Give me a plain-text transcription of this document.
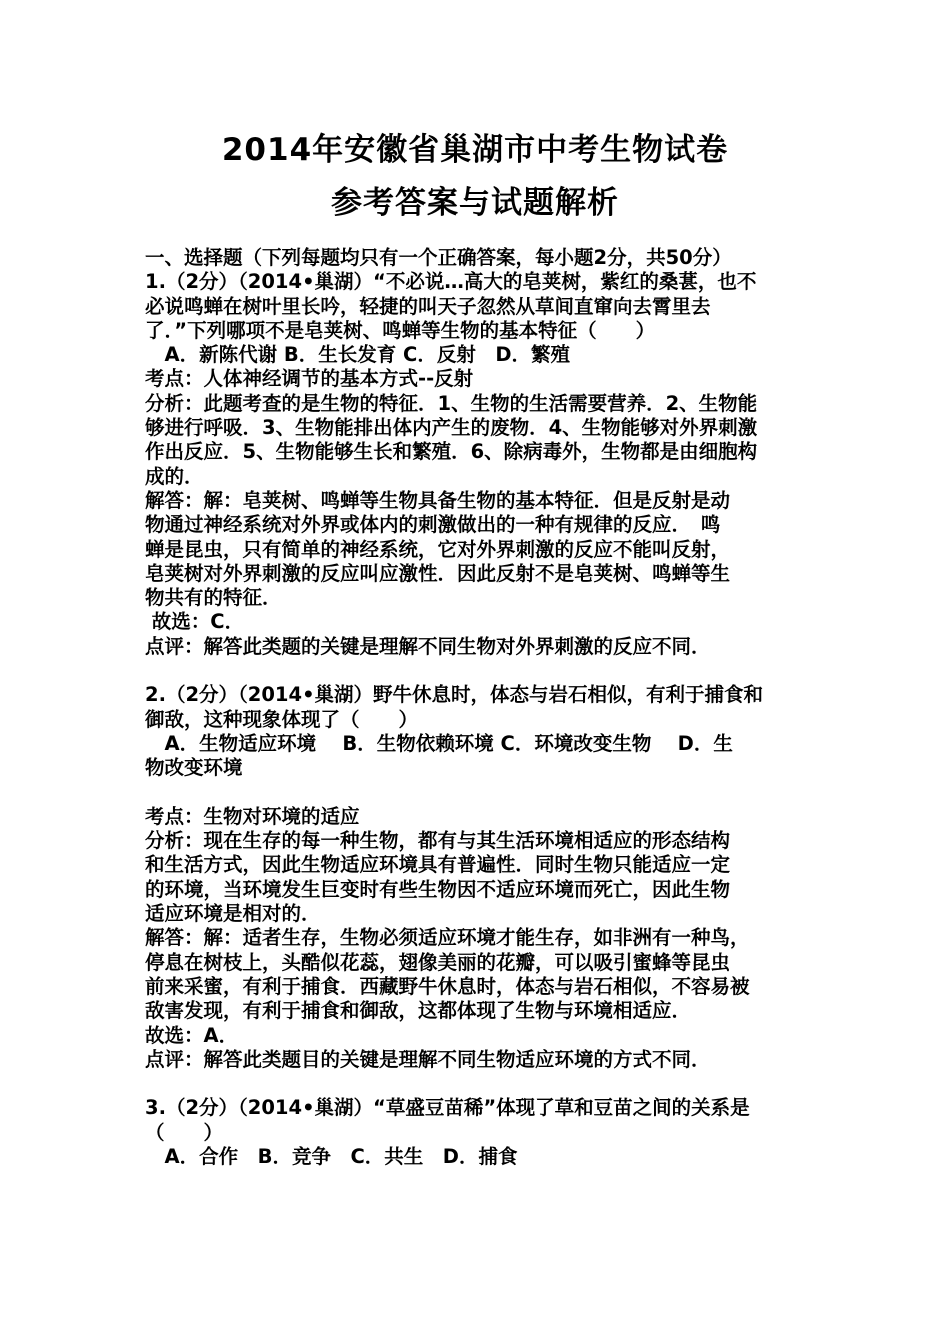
2014年安徽省巢湖市中考生物试卷
参考答案与试题解析
一、选择题（下列每题均只有一个正确答案，每小题2分，共50分）
1.（2分）（2014•巢湖）“不必说…高大的皂荚树，紫红的桑葚，也不
必说鸣蝉在树叶里长吟，轻捷的叫天子忽然从草间直窜向去霄里去
了．”下列哪项不是皂荚树、鸣蝉等生物的基本特征（　　）
　A．新陈代谢 B．生长发育 C．反射　D．繁殖
考点：人体神经调节的基本方式--反射
分析：此题考查的是生物的特征．1、生物的生活需要营养．2、生物能
够进行呼吸．3、生物能排出体内产生的废物．4、生物能够对外界刺激
作出反应．5、生物能够生长和繁殖．6、除病毒外，生物都是由细胞构
成的．
解答：解：皂荚树、鸣蝉等生物具备生物的基本特征．但是反射是动
物通过神经系统对外界或体内的刺激做出的一种有规律的反应．　鸣
蝉是昆虫，只有简单的神经系统，它对外界刺激的反应不能叫反射，
皂荚树对外界刺激的反应叫应激性．因此反射不是皂荚树、鸣蝉等生
物共有的特征．
故选：C．
点评：解答此类题的关键是理解不同生物对外界刺激的反应不同．
2.（2分）（2014•巢湖）野牛休息时，体态与岩石相似，有利于捕食和
御敌，这种现象体现了（　　）
　A．生物适应环境　 B．生物依赖环境 C．环境改变生物　 D．生
物改变环境
考点：生物对环境的适应
分析：现在生存的每一种生物，都有与其生活环境相适应的形态结构
和生活方式，因此生物适应环境具有普遍性．同时生物只能适应一定
的环境，当环境发生巨变时有些生物因不适应环境而死亡，因此生物
适应环境是相对的．
解答：解：适者生存，生物必须适应环境才能生存，如非洲有一种鸟，
停息在树枝上，头酷似花蕊，翅像美丽的花瓣，可以吸引蜜蜂等昆虫
前来采蜜，有利于捕食．西藏野牛休息时，体态与岩石相似，不容易被
敌害发现，有利于捕食和御敌，这都体现了生物与环境相适应．
故选：A．
点评：解答此类题目的关键是理解不同生物适应环境的方式不同．
3.（2分）（2014•巢湖）“草盛豆苗稀”体现了草和豆苗之间的关系是
（　　）
　A．合作　B．竞争　C．共生　D．捕食
